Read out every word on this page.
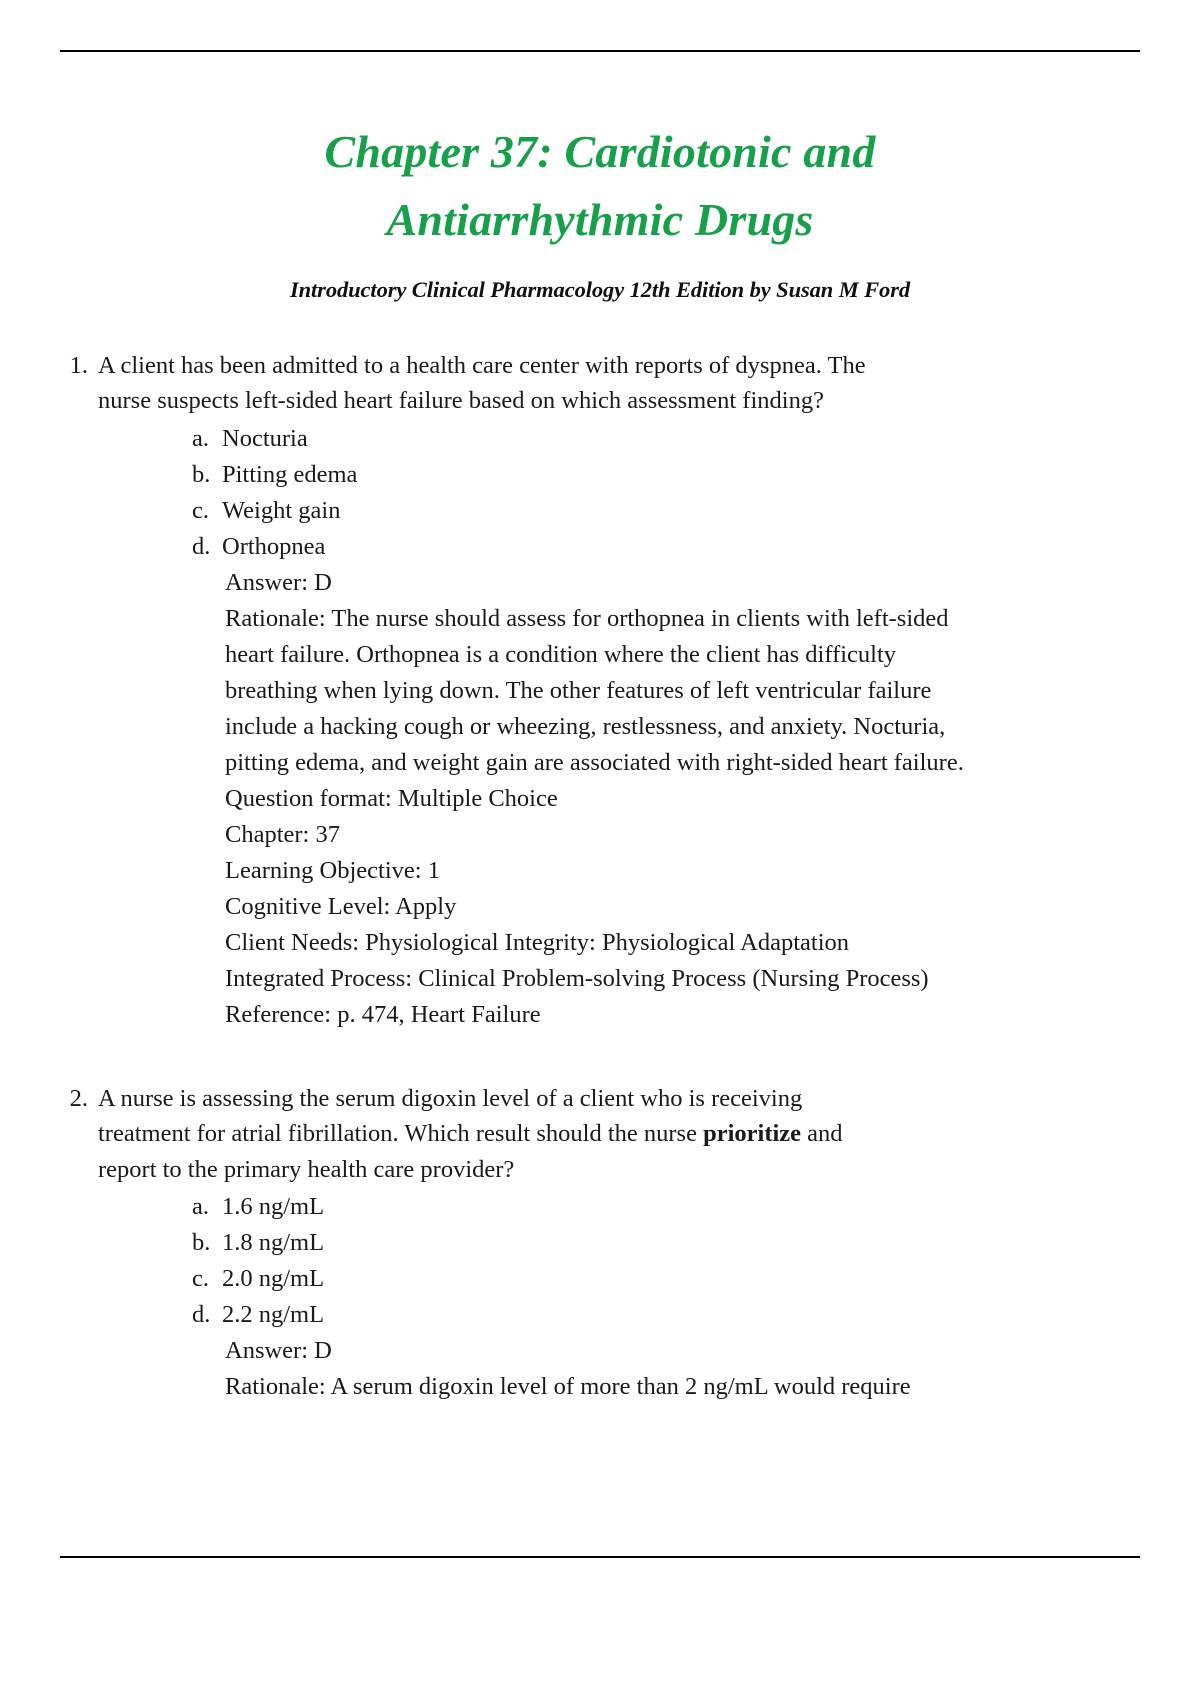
Chapter 37: Cardiotonic and
Antiarrhythmic Drugs
Introductory Clinical Pharmacology 12th Edition by Susan M Ford
1. A client has been admitted to a health care center with reports of dyspnea. The nurse suspects left-sided heart failure based on which assessment finding?
a. Nocturia
b. Pitting edema
c. Weight gain
d. Orthopnea
Answer: D
Rationale: The nurse should assess for orthopnea in clients with left-sided heart failure. Orthopnea is a condition where the client has difficulty breathing when lying down. The other features of left ventricular failure include a hacking cough or wheezing, restlessness, and anxiety. Nocturia, pitting edema, and weight gain are associated with right-sided heart failure.
Question format: Multiple Choice
Chapter: 37
Learning Objective: 1
Cognitive Level: Apply
Client Needs: Physiological Integrity: Physiological Adaptation
Integrated Process: Clinical Problem-solving Process (Nursing Process) Reference: p. 474, Heart Failure
2. A nurse is assessing the serum digoxin level of a client who is receiving treatment for atrial fibrillation. Which result should the nurse prioritize and report to the primary health care provider?
a. 1.6 ng/mL
b. 1.8 ng/mL
c. 2.0 ng/mL
d. 2.2 ng/mL
Answer: D
Rationale: A serum digoxin level of more than 2 ng/mL would require
